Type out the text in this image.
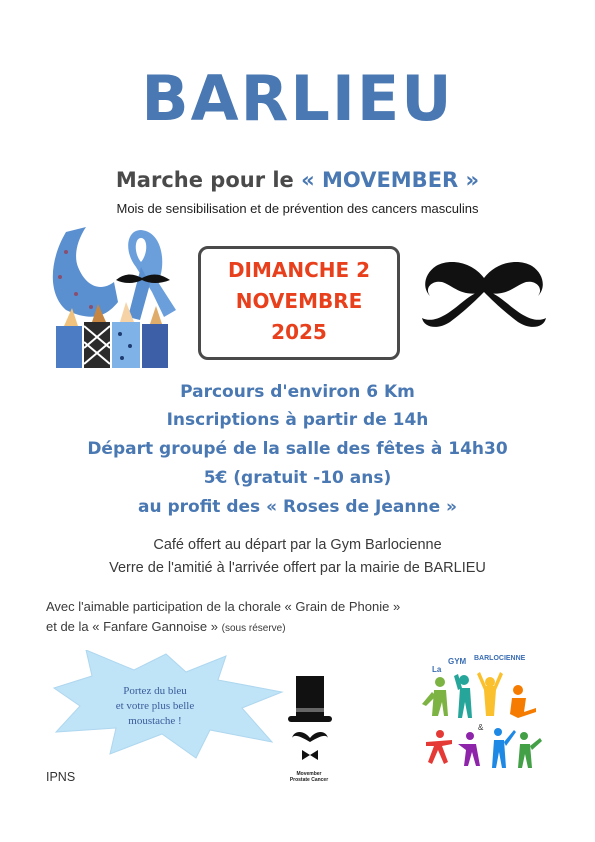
BARLIEU
Marche pour le « MOVEMBER »
Mois de sensibilisation et de prévention des cancers masculins
DIMANCHE 2
NOVEMBRE
2025
Parcours d'environ 6 Km
Inscriptions à partir de 14h
Départ groupé de la salle des fêtes à 14h30
5€ (gratuit -10 ans)
au profit des « Roses de Jeanne »
Café offert au départ par la Gym Barlocienne
Verre de l'amitié à l'arrivée offert par la mairie de BARLIEU
Avec l'aimable participation de la chorale « Grain de Phonie »
et de la « Fanfare Gannoise » (sous réserve)
Portez du bleu
et votre plus belle
moustache !
Movember
Prostate Cancer
La
GYM BARLOCIENNE
&
IPNS
